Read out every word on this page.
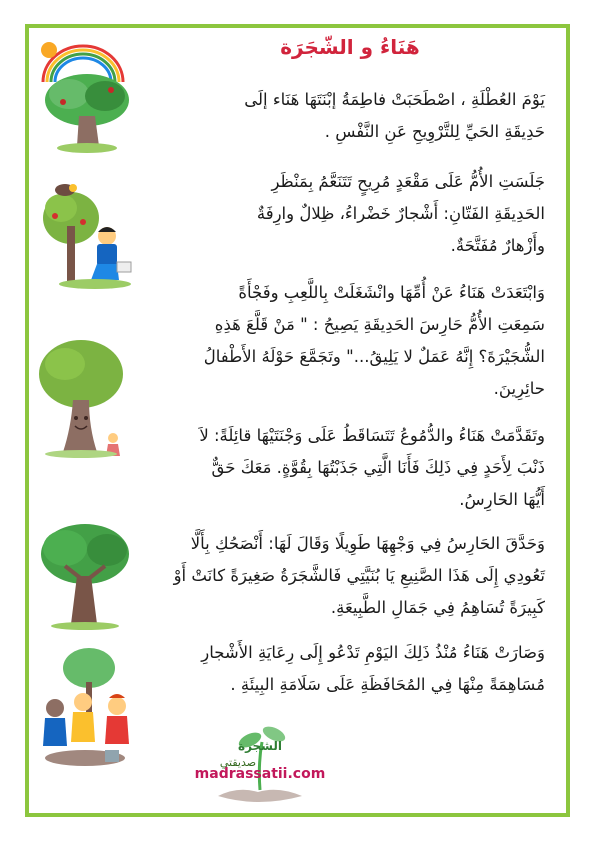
هَنَاءُ و الشّجَرَة
يَوْمَ العُطْلَةِ ، اصْطَحَبَتْ فاطِمَةُ إبْنَتَهَا هَنَاء إلَى
حَدِيقَةِ الحَيِّ لِلتَّرْوِيحِ عَنِ النَّفْسِ .
جَلَسَتِ الأُمُّ عَلَى مَقْعَدٍ مُرِيحٍ تَتَنَعَّمُ بِمَنْظَرِ
الحَدِيقَةِ الفَتّانِ: أَشْجارٌ خَضْراءُ، ظِلالٌ وارِفَةٌ
وأَزْهارٌ مُفَتَّحَةٌ.
وَابْتَعَدَتْ هَنَاءُ عَنْ أُمِّهَا وانْشَغَلَتْ بِاللَّعِبِ وفَجْأَةً
سَمِعَتِ الأُمُّ حَارِسَ الحَدِيقَةِ يَصِيحُ : " مَنْ قَلَّعَ هَذِهِ
الشُّجَيْرَةَ؟ إِنَّهُ عَمَلٌ لا يَلِيقُ..." وتَجَمَّعَ حَوْلَهُ الأَطْفالُ
حائِرِينَ.
وتَقَدَّمَتْ هَنَاءُ والدُّمُوعُ تَتَسَاقَطُ عَلَى وَجْنَتَيْهَا قائِلَةً: لاَ
ذَنْبَ لِأَحَدٍ فِي ذَلِكَ فَأَنَا الَّتِي جَذَبْتُهَا بِقُوَّةٍ. مَعَكَ حَقٌّ
أَيُّهَا الحَارِسُ.
وَحَدَّقَ الحَارِسُ فِي وَجْهِهَا طَوِيلًا وَقَالَ لَهَا: أَنْصَحُكِ بِأَلَّا
تَعُودِي إِلَى هَذَا الصَّنِيعِ يَا بُنَيَّتِي فَالشَّجَرَةُ صَغِيرَةً كانَتْ أَوْ
كَبِيرَةً تُسَاهِمُ فِي جَمَالِ الطَّبِيعَةِ.
وَصَارَتْ هَنَاءُ مُنْذُ ذَلِكَ اليَوْمِ تَدْعُو إِلَى رِعَايَةِ الأَشْجارِ
مُسَاهِمَةً مِنْهَا فِي المُحَافَظَةِ عَلَى سَلَامَةِ البِيئَةِ .
الشجرة
صديقتي
madrassatii.com
